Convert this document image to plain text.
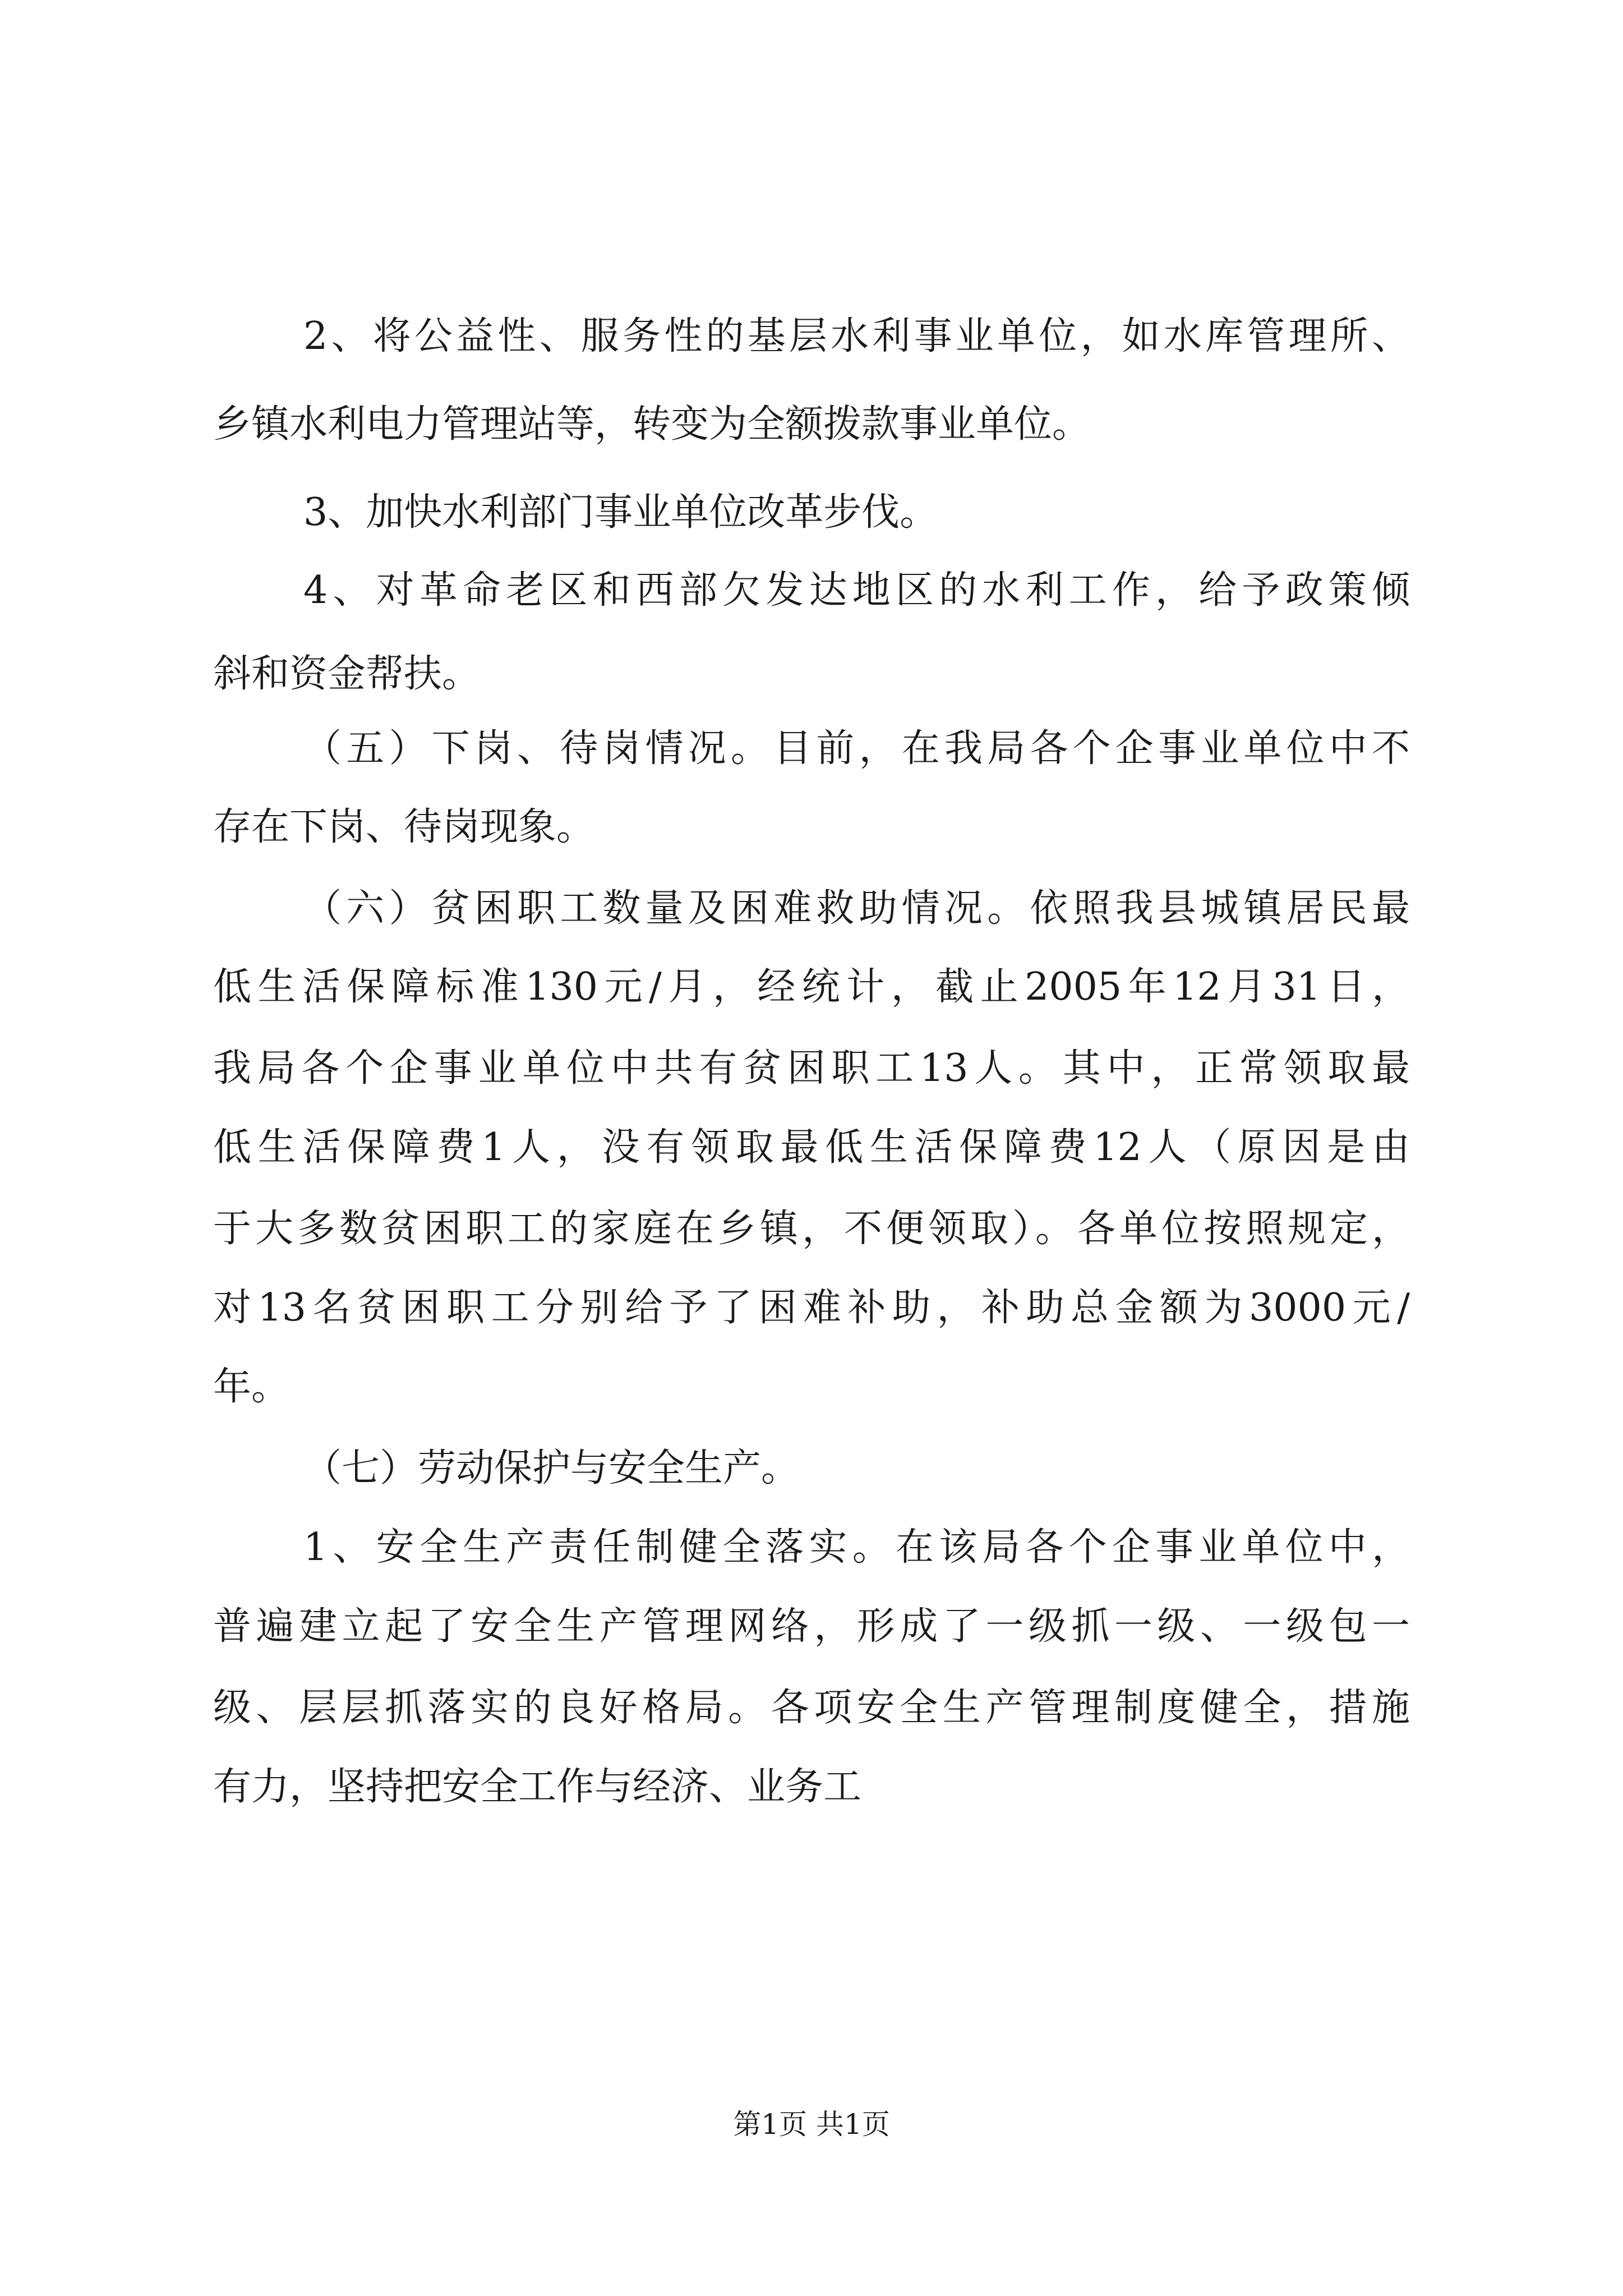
2、将公益性、服务性的基层水利事业单位，如水库管理所、
乡镇水利电力管理站等，转变为全额拨款事业单位。
3、加快水利部门事业单位改革步伐。
4、对革命老区和西部欠发达地区的水利工作，给予政策倾
斜和资金帮扶。
（五）下岗、待岗情况。目前，在我局各个企事业单位中不
存在下岗、待岗现象。
（六）贫困职工数量及困难救助情况。依照我县城镇居民最
低生活保障标准130元/月，经统计，截止2005年12月31日，
我局各个企事业单位中共有贫困职工13人。其中，正常领取最
低生活保障费1人，没有领取最低生活保障费12人（原因是由
于大多数贫困职工的家庭在乡镇，不便领取）。各单位按照规定，
对13名贫困职工分别给予了困难补助，补助总金额为3000元/
年。
（七）劳动保护与安全生产。
1、安全生产责任制健全落实。在该局各个企事业单位中，
普遍建立起了安全生产管理网络，形成了一级抓一级、一级包一
级、层层抓落实的良好格局。各项安全生产管理制度健全，措施
有力，坚持把安全工作与经济、业务工
第1页 共1页
